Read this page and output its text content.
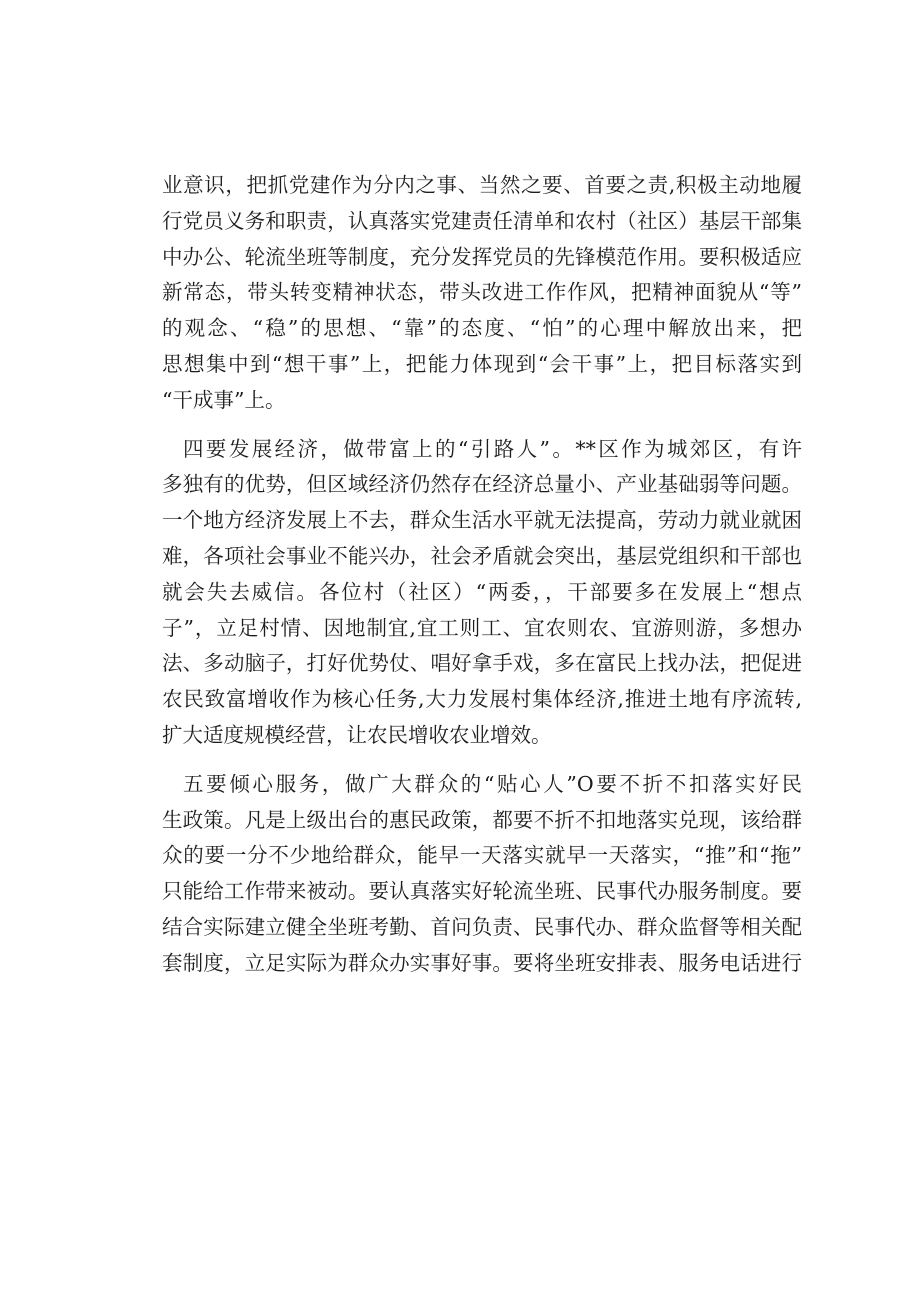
业意识，把抓党建作为分内之事、当然之要、首要之责,积极主动地履
行党员义务和职责，认真落实党建责任清单和农村（社区）基层干部集
中办公、轮流坐班等制度，充分发挥党员的先锋模范作用。要积极适应
新常态，带头转变精神状态，带头改进工作作风，把精神面貌从“等”
的观念、“稳”的思想、“靠”的态度、“怕”的心理中解放出来，把
思想集中到“想干事”上，把能力体现到“会干事”上，把目标落实到
“干成事”上。
四要发展经济，做带富上的“引路人”。**区作为城郊区，有许
多独有的优势，但区域经济仍然存在经济总量小、产业基础弱等问题。
一个地方经济发展上不去，群众生活水平就无法提高，劳动力就业就困
难，各项社会事业不能兴办，社会矛盾就会突出，基层党组织和干部也
就会失去威信。各位村（社区）“两委，，干部要多在发展上“想点
子”，立足村情、因地制宜,宜工则工、宜农则农、宜游则游，多想办
法、多动脑子，打好优势仗、唱好拿手戏，多在富民上找办法，把促进
农民致富增收作为核心任务,大力发展村集体经济,推进土地有序流转,
扩大适度规模经营，让农民增收农业增效。
五要倾心服务，做广大群众的“贴心人”O要不折不扣落实好民
生政策。凡是上级出台的惠民政策，都要不折不扣地落实兑现，该给群
众的要一分不少地给群众，能早一天落实就早一天落实，“推”和“拖”
只能给工作带来被动。要认真落实好轮流坐班、民事代办服务制度。要
结合实际建立健全坐班考勤、首问负责、民事代办、群众监督等相关配
套制度，立足实际为群众办实事好事。要将坐班安排表、服务电话进行
